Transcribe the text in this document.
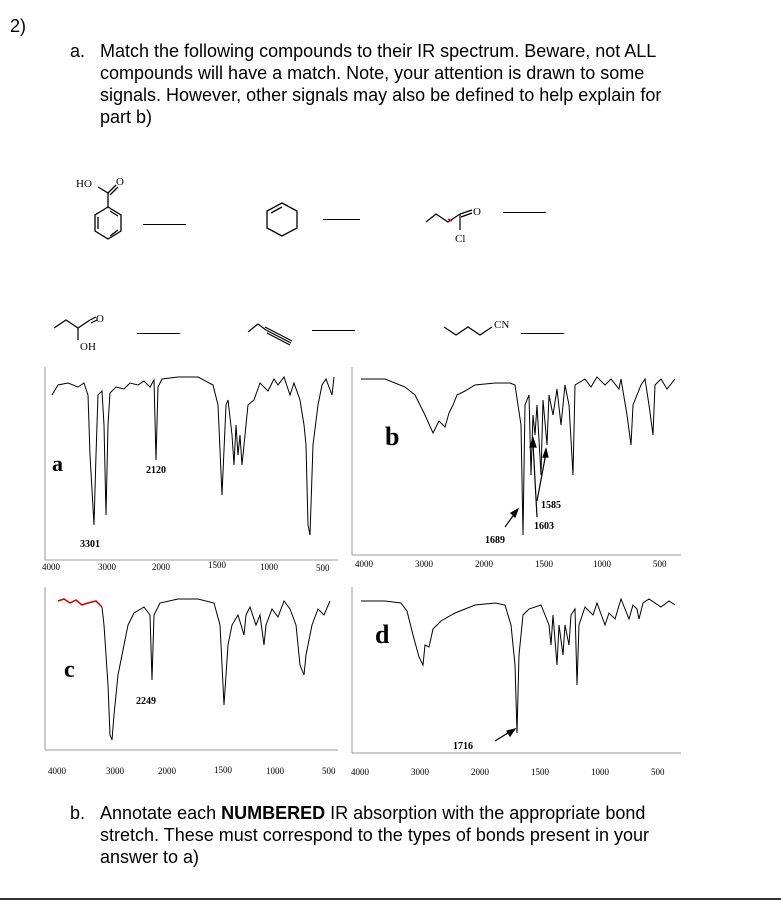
2)
a. Match the following compounds to their IR spectrum. Beware, not ALL
compounds will have a match. Note, your attention is drawn to some
signals. However, other signals may also be defined to help explain for
part b)
HO O
O
Cl
O
OH
CN
a	2120
3301
4000	3000	2000	1500	1000	500
b
1585
1603
1689
4000	3000	2000	1500	1000	500
c
2249
4000	3000	2000	1500	1000	500
d
1716
4000	3000	2000	1500	1000	500
b. Annotate each NUMBERED IR absorption with the appropriate bond
stretch. These must correspond to the types of bonds present in your
answer to a)
